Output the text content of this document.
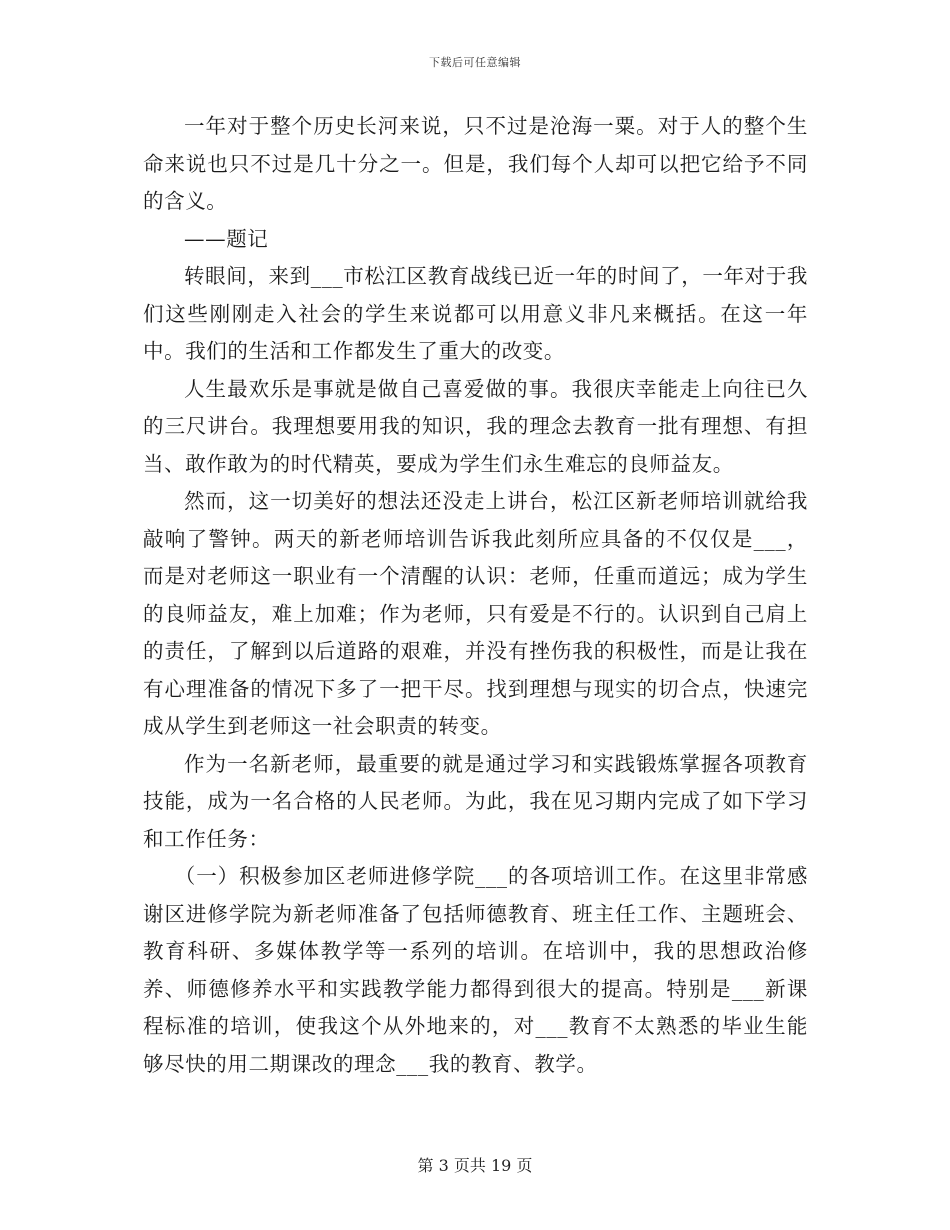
下载后可任意编辑

一年对于整个历史长河来说，只不过是沧海一粟。对于人的整个生命来说也只不过是几十分之一。但是，我们每个人却可以把它给予不同的含义。

——题记

转眼间，来到___市松江区教育战线已近一年的时间了，一年对于我们这些刚刚走入社会的学生来说都可以用意义非凡来概括。在这一年中。我们的生活和工作都发生了重大的改变。

人生最欢乐是事就是做自己喜爱做的事。我很庆幸能走上向往已久的三尺讲台。我理想要用我的知识，我的理念去教育一批有理想、有担当、敢作敢为的时代精英，要成为学生们永生难忘的良师益友。

然而，这一切美好的想法还没走上讲台，松江区新老师培训就给我敲响了警钟。两天的新老师培训告诉我此刻所应具备的不仅仅是___，而是对老师这一职业有一个清醒的认识：老师，任重而道远；成为学生的良师益友，难上加难；作为老师，只有爱是不行的。认识到自己肩上的责任，了解到以后道路的艰难，并没有挫伤我的积极性，而是让我在有心理准备的情况下多了一把干尽。找到理想与现实的切合点，快速完成从学生到老师这一社会职责的转变。

作为一名新老师，最重要的就是通过学习和实践锻炼掌握各项教育技能，成为一名合格的人民老师。为此，我在见习期内完成了如下学习和工作任务：

（一）积极参加区老师进修学院___的各项培训工作。在这里非常感谢区进修学院为新老师准备了包括师德教育、班主任工作、主题班会、教育科研、多媒体教学等一系列的培训。在培训中，我的思想政治修养、师德修养水平和实践教学能力都得到很大的提高。特别是___新课程标准的培训，使我这个从外地来的，对___教育不太熟悉的毕业生能够尽快的用二期课改的理念___我的教育、教学。

第 3 页共 19 页
